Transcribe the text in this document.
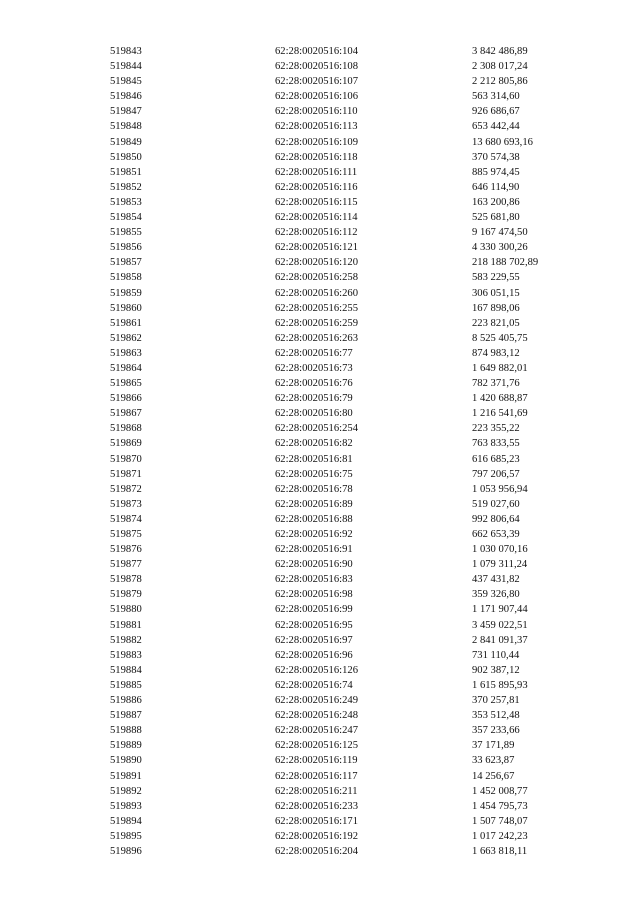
519843	62:28:0020516:104	3 842 486,89
519844	62:28:0020516:108	2 308 017,24
519845	62:28:0020516:107	2 212 805,86
519846	62:28:0020516:106	563 314,60
519847	62:28:0020516:110	926 686,67
519848	62:28:0020516:113	653 442,44
519849	62:28:0020516:109	13 680 693,16
519850	62:28:0020516:118	370 574,38
519851	62:28:0020516:111	885 974,45
519852	62:28:0020516:116	646 114,90
519853	62:28:0020516:115	163 200,86
519854	62:28:0020516:114	525 681,80
519855	62:28:0020516:112	9 167 474,50
519856	62:28:0020516:121	4 330 300,26
519857	62:28:0020516:120	218 188 702,89
519858	62:28:0020516:258	583 229,55
519859	62:28:0020516:260	306 051,15
519860	62:28:0020516:255	167 898,06
519861	62:28:0020516:259	223 821,05
519862	62:28:0020516:263	8 525 405,75
519863	62:28:0020516:77	874 983,12
519864	62:28:0020516:73	1 649 882,01
519865	62:28:0020516:76	782 371,76
519866	62:28:0020516:79	1 420 688,87
519867	62:28:0020516:80	1 216 541,69
519868	62:28:0020516:254	223 355,22
519869	62:28:0020516:82	763 833,55
519870	62:28:0020516:81	616 685,23
519871	62:28:0020516:75	797 206,57
519872	62:28:0020516:78	1 053 956,94
519873	62:28:0020516:89	519 027,60
519874	62:28:0020516:88	992 806,64
519875	62:28:0020516:92	662 653,39
519876	62:28:0020516:91	1 030 070,16
519877	62:28:0020516:90	1 079 311,24
519878	62:28:0020516:83	437 431,82
519879	62:28:0020516:98	359 326,80
519880	62:28:0020516:99	1 171 907,44
519881	62:28:0020516:95	3 459 022,51
519882	62:28:0020516:97	2 841 091,37
519883	62:28:0020516:96	731 110,44
519884	62:28:0020516:126	902 387,12
519885	62:28:0020516:74	1 615 895,93
519886	62:28:0020516:249	370 257,81
519887	62:28:0020516:248	353 512,48
519888	62:28:0020516:247	357 233,66
519889	62:28:0020516:125	37 171,89
519890	62:28:0020516:119	33 623,87
519891	62:28:0020516:117	14 256,67
519892	62:28:0020516:211	1 452 008,77
519893	62:28:0020516:233	1 454 795,73
519894	62:28:0020516:171	1 507 748,07
519895	62:28:0020516:192	1 017 242,23
519896	62:28:0020516:204	1 663 818,11
